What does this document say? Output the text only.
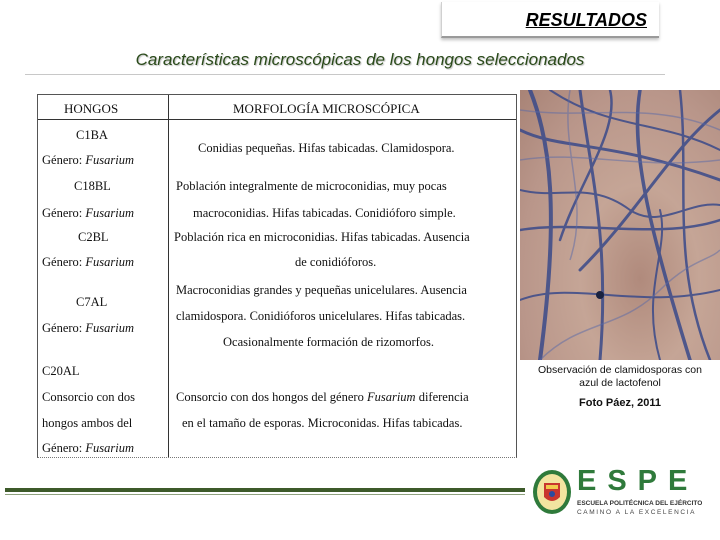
RESULTADOS
Características microscópicas de los hongos seleccionados
HONGOS	MORFOLOGÍA MICROSCÓPICA
C1BA
Género: Fusarium
Conidias pequeñas. Hifas tabicadas. Clamidospora.
C18BL
Género: Fusarium
Población integralmente de microconidias, muy pocas
macroconidias. Hifas tabicadas. Conidióforo simple.
C2BL
Género: Fusarium
Población rica en microconidias. Hifas tabicadas. Ausencia
de conidióforos.
C7AL
Género: Fusarium
Macroconidias grandes y pequeñas unicelulares. Ausencia
clamidospora. Conidióforos unicelulares. Hifas tabicadas.
Ocasionalmente formación de rizomorfos.
C20AL
Consorcio con dos
hongos ambos del
Género: Fusarium
Consorcio con dos hongos del género Fusarium diferencia
en el tamaño de esporas. Microconidas. Hifas tabicadas.
Observación de clamidosporas con azul de lactofenol
Foto Páez, 2011
ESPE
ESCUELA POLITÉCNICA DEL EJÉRCITO
CAMINO A LA EXCELENCIA
